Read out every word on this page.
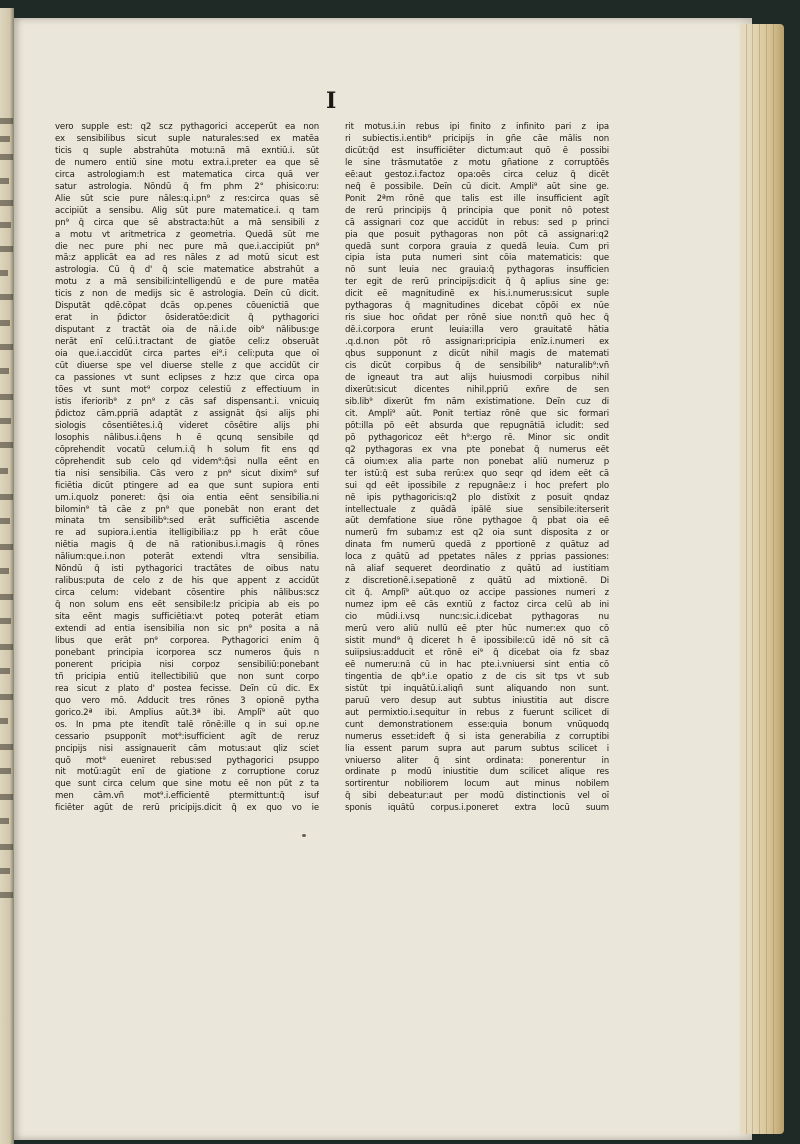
I
vero supple est: q2 scz pythagorici acceperūt ea non
ex sensibilibus sicut suple naturales:sed ex matēa
ticis q suple abstrahūta motu:nā mā exntiū.i. sūt
de numero entiū sine motu extra.i.preter ea que sē
circa astrologiam:h est matematica circa quā ver
satur astrologia. Nōndū q̄ fm phm 2° phisico:ru:
Alie sūt scie pure nāles:q.i.pn⁹ z res:circa quas sē
accipiūt a sensibu. Alig sūt pure matematice.i. q tam
pn⁹ q̄ circa que sē abstracta:hūt a mā sensibili z
a motu vt aritmetrica z geometria. Quedā sūt me
die nec pure phi nec pure mā que.i.accipiūt pn⁹
mā:z applicāt ea ad res nāles z ad motū sicut est
astrologia. Cū q̄ d' q̄ scie matematice abstrahūt a
motu z a mā sensibili:intelligendū e de pure matēa
ticis z non de medijs sic ē astrologia. Deīn cū dicit.
Disputāt qdē.cōpat dcās op.penes cōuenictiā que
erat in p̄dictor ōsideratōe:dicit q̄ pythagorici
disputant z tractāt oia de nā.i.de oib⁹ nālibus:ge
nerāt enī celū.i.tractant de giatōe celi:z obseruāt
oia que.i.accidūt circa partes ei⁹.i celi:puta que oī
cūt diuerse spe vel diuerse stelle z que accidūt cir
ca passiones vt sunt eclipses z hz:z que circa opa
tões vt sunt mot⁹ corpoz celestiū z effectiuum in
istis iferiorib⁹ z pn⁹ z cās saf dispensant.i. vnicuiq
p̄dictoz cām.ppriā adaptāt z assignāt q̄si alijs phi
siologis cōsentiētes.i.q̄ videret cōsētire alijs phi
losophis nālibus.i.q̄ens h ē qcunq sensibile qd
cōprehendit vocatū celum.i.q̄ h solum fit ens qd
cōprehendit sub celo qd videm⁹:q̄si nulla eēnt en
tia nisi sensibilia. Cās vero z pn⁹ sicut dixim⁹ suf
ficiētia dicūt ptingere ad ea que sunt supiora enti
um.i.quolz poneret: q̄si oia entia eēnt sensibilia.ni
bilomin⁹ tā cāe z pn⁹ que ponebāt non erant det
minata tm sensibilib⁹:sed erāt sufficiētia ascende
re ad supiora.i.entia itelligibilia:z pp h erāt cōue
niētia magis q̄ de nā rationibus.i.magis q̄ rōnes
nālium:que.i.non poterāt extendi vltra sensibilia.
Nōndū q̄ isti pythagorici tractātes de oibus natu
ralibus:puta de celo z de his que appent z accidūt
circa celum: videbant cōsentire phis nālibus:scz
q̄ non solum ens eēt sensibile:lz pricipia ab eis po
sita eēnt magis sufficiētia:vt poteq poterāt etiam
extendi ad entia isensibilia non sic pn⁹ posita a nā
libus que erāt pn⁹ corporea. Pythagorici enim q̄
ponebant principia icorporea scz numeros q̄uis n
ponerent pricipia nisi corpoz sensibiliū:ponebant
tñ pricipia entiū itellectibiliū que non sunt corpo
rea sicut z plato d' postea fecisse. Deīn cū dic. Ex
quo vero mō. Adducit tres rōnes 3 opionē pytha
gorico.2ª ibi. Amplius aūt.3ª ibi. Amplī⁹ aūt quo
os. In pma pte itendīt talē rōnē:ille q in sui op.ne
cessario psupponīt mot⁹:isufficient agīt de reruz
pncipijs nisi assignauerit cām motus:aut qliz sciet
quō mot⁹ eueniret rebus:sed pythagorici psuppo
nit motū:agūt enī de giatione z corruptione coruz
que sunt circa celum que sine motu eē non pūt z ta
men cām.vñ mot⁹.i.efficientē ptermittunt:q̄ isuf
ficiēter agūt de rerū pricipijs.dicit q̄ ex quo vo ie
rit motus.i.in rebus ipi finito z infinito pari z ipa
ri subiectis.i.entib⁹ pricipijs in gñe cāe mālis non
dicūt:q̄d est insufficiēter dictum:aut quō ē possibi
le sine trāsmutatōe z motu gñatione z corruptōēs
eē:aut gestoz.i.factoz opa:oēs circa celuz q̄ dicēt
neq̄ ē possibile. Deīn cū dicit. Ampli⁹ aūt sine ge.
Ponit 2ªm rōnē que talis est ille insufficient agīt
de rerū principijs q̄ principia que ponit nō potest
cā assignari coz que accidūt in rebus: sed p princi
pia que posuit pythagoras non pōt cā assignari:q2
quedā sunt corpora grauia z quedā leuia. Cum pri
cipia ista puta numeri sint cōia matematicis: que
nō sunt leuia nec grauia:q̄ pythagoras insufficien
ter egit de rerū principijs:dicit q̄ q̄ aplius sine ge:
dicit eē magnitudinē ex his.i.numerus:sicut suple
pythagoras q̄ magnitudines dicebat cōpōi ex nūe
ris siue hoc oñdat per rōnē siue non:tñ quō hec q̄
dē.i.corpora erunt leuia:illa vero grauitatē hātia
.q.d.non pōt rō assignari:pricipia enīz.i.numeri ex
qbus supponunt z dicūt nihil magis de matemati
cis dicūt corpibus q̄ de sensibilib⁹ naturalib⁹:vñ
de igneaut tra aut alijs huiusmodi corpibus nihil
dixerūt:sicut dicentes nihil.ppriū exñre de sen
sib.lib⁹ dixerūt fm nām existimatione. Deīn cuz di
cit. Ampli⁹ aūt. Ponit tertiaz rōnē que sic formari
pōt:illa pō eēt absurda que repugnātiā icludit: sed
pō pythagoricoz eēt h⁹:ergo rē. Minor sic ondit
q2 pythagoras ex vna pte ponebat q̄ numerus eēt
cā oium:ex alia parte non ponebat aliū numeruz p
ter istū:q̄ est suba rerū:ex quo seqr qd idem eēt cā
sui qd eēt ipossibile z repugnāe:z i hoc prefert plo
nē ipis pythagoricis:q2 plo distīxit z posuit qndaz
intellectuale z quādā ipālē siue sensibile:iterserit
aūt demfatione siue rōne pythagoe q̄ pbat oia eē
numerū fm subam:z est q2 oia sunt disposita z or
dinata fm numerū quedā z pportionē z quātuz ad
loca z quātū ad ppetates nāles z pprias passiones:
nā aliaf sequeret deordinatio z quātū ad iustitiam
z discretionē.i.sepationē z quātū ad mixtionē. Di
cit q̄. Amplī⁹ aūt.quo oz accipe passiones numeri z
numez ipm eē cās exntiū z factoz circa celū ab ini
cio mūdi.i.vsq nunc:sic.i.dicebat pythagoras nu
merū vero aliū nullū eē pter hūc numer:ex quo cō
sistit mund⁹ q̄ diceret h ē ipossibile:cū idē nō sit cā
suiipsius:adducit et rōnē ei⁹ q̄ dicebat oia fz sbaz
eē numeru:nā cū in hac pte.i.vniuersi sint entia cō
tingentia de qb⁹.i.e opatio z de cis sit tps vt sub
sistūt tpi inquātū.i.aliqñ sunt aliquando non sunt.
paruū vero desup aut subtus iniustitia aut discre
aut permixtio.i.sequitur in rebus z fuerunt scilicet di
cunt demonstrationem esse:quia bonum vnūquodq
numerus esset:ideft q̄ si ista generabilia z corruptibi
lia essent parum supra aut parum subtus scilicet i
vniuerso aliter q̄ sint ordinata: ponerentur in
ordinate p modū iniustitie dum scilicet alique res
sortirentur nobiliorem locum aut minus nobilem
q̄ sibi debeatur:aut per modū distinctionis vel oī
sponis iquātū corpus.i.poneret extra locū suum
